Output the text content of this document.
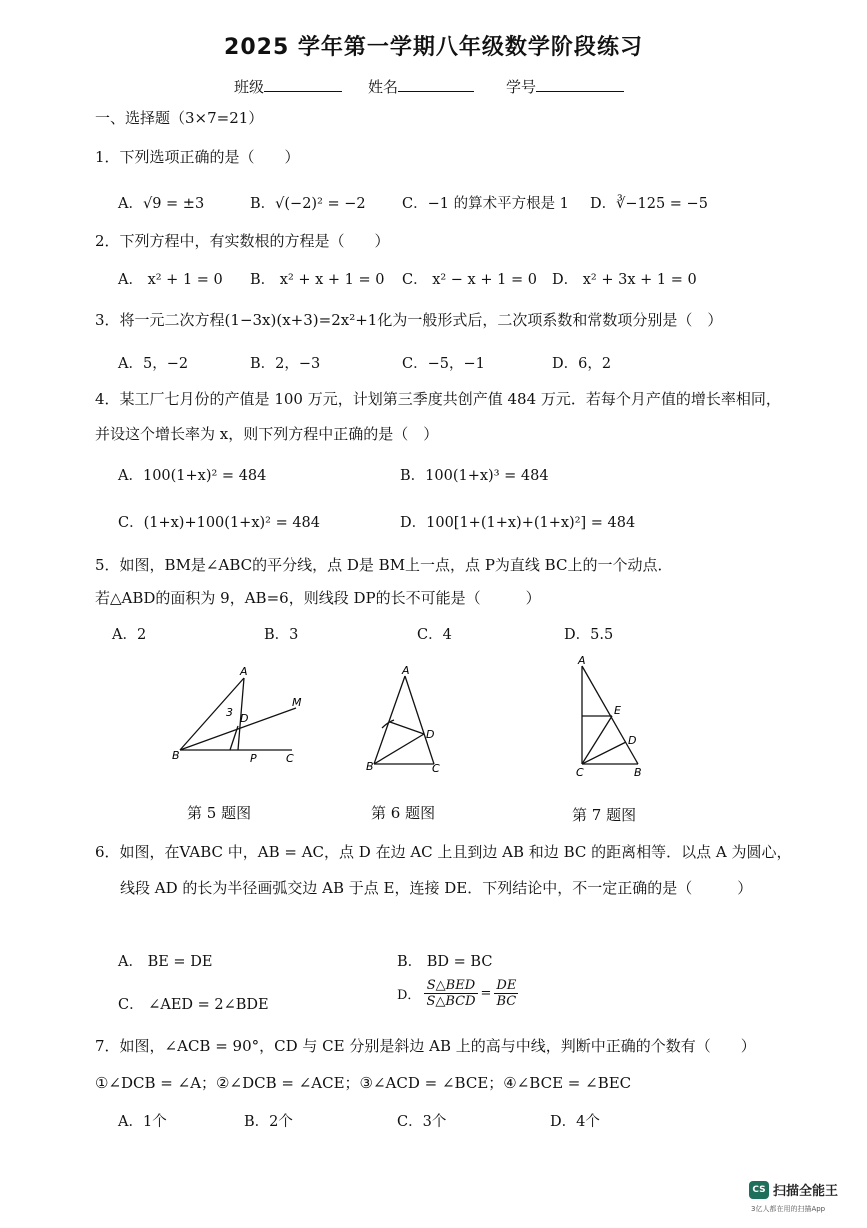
2025 学年第一学期八年级数学阶段练习
班级	姓名	学号
一、选择题（3×7=21）
1．下列选项正确的是（　　）
A．√9 = ±3	B．√(−2)² = −2	C．−1 的算术平方根是 1 D．∛−125 = −5
2．下列方程中，有实数根的方程是（　　）
A． x² + 1 = 0 B． x² + x + 1 = 0 C． x² − x + 1 = 0 D． x² + 3x + 1 = 0
3．将一元二次方程(1−3x)(x+3)=2x²+1化为一般形式后，二次项系数和常数项分别是（　）
A．5，−2	B．2，−3	C．−5，−1	D．6，2
4．某工厂七月份的产值是 100 万元，计划第三季度共创产值 484 万元．若每个月产值的增长率相同，
并设这个增长率为 x，则下列方程中正确的是（　）
A．100(1+x)² = 484	B．100(1+x)³ = 484
C．(1+x)+100(1+x)² = 484	D．100[1+(1+x)+(1+x)²] = 484
5．如图，BM是∠ABC的平分线，点 D是 BM上一点，点 P为直线 BC上的一个动点．
若△ABD的面积为 9，AB=6，则线段 DP的长不可能是（　　　）
A．2	B．3	C．4	D．5.5
A
3 D
M
B	P	C
A
D
B	C
A
E
D
C	B
第 5 题图	第 6 题图	第 7 题图
6．如图，在VABC 中，AB = AC，点 D 在边 AC 上且到边 AB 和边 BC 的距离相等．以点 A 为圆心，
线段 AD 的长为半径画弧交边 AB 于点 E，连接 DE．下列结论中，不一定正确的是（　　　）
A． BE = DE	B． BD = BC
C． ∠AED = 2∠BDE
D．	S△BED	=	DE
	S△BCD		BC
7．如图，∠ACB = 90°，CD 与 CE 分别是斜边 AB 上的高与中线，判断中正确的个数有（　　）
①∠DCB = ∠A；②∠DCB = ∠ACE；③∠ACD = ∠BCE；④∠BCE = ∠BEC
A．1个	B．2个	C．3个	D．4个
CS 扫描全能王
3亿人都在用的扫描App
